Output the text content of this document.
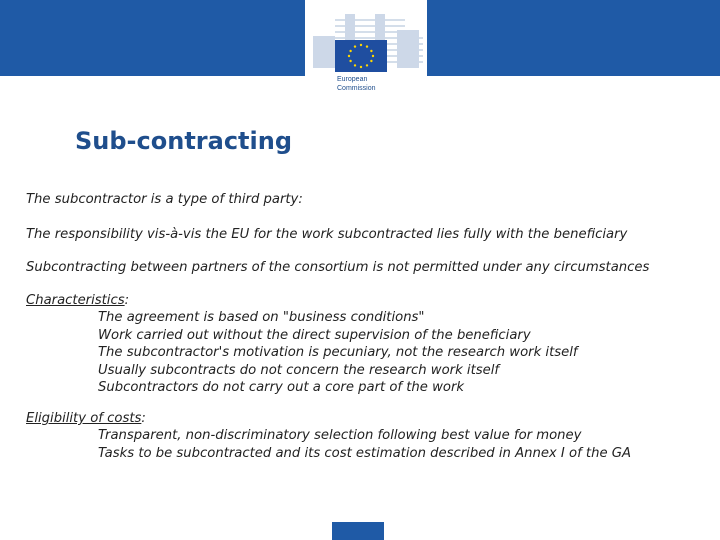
European
Commission
Sub-contracting

The subcontractor is a type of third party:

The responsibility vis-à-vis the EU for the work subcontracted lies fully with the beneficiary

Subcontracting between partners of the consortium is not permitted under any circumstances

Characteristics:
The agreement is based on "business conditions"
Work carried out without the direct supervision of the beneficiary
The subcontractor's motivation is pecuniary, not the research work itself
Usually subcontracts do not concern the research work itself
Subcontractors do not carry out a core part of the work
Eligibility of costs:
Transparent, non-discriminatory selection following best value for money
Tasks to be subcontracted and its cost estimation described in Annex I of the GA
